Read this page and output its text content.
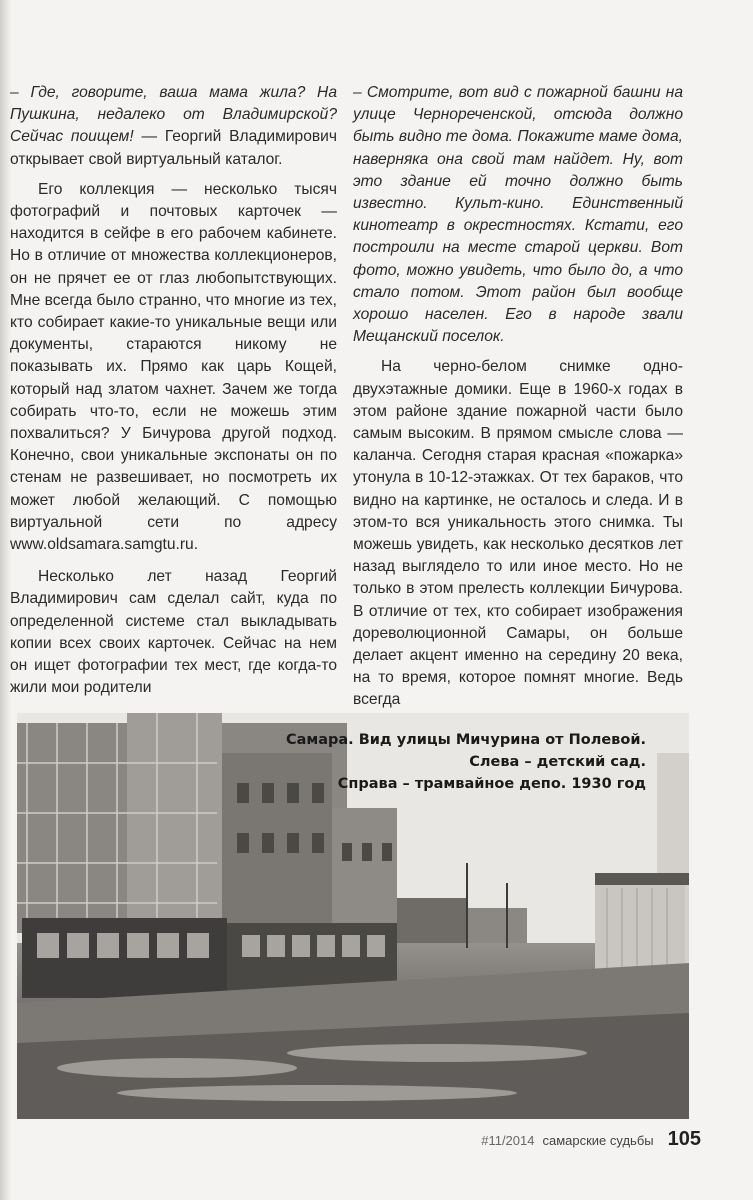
– Где, говорите, ваша мама жила? На Пушкина, недалеко от Владимирской? Сейчас поищем! — Георгий Владимирович открывает свой виртуальный каталог.

Его коллекция — несколько тысяч фотографий и почтовых карточек — находится в сейфе в его рабочем кабинете. Но в отличие от множества коллекционеров, он не прячет ее от глаз любопытствующих. Мне всегда было странно, что многие из тех, кто собирает какие-то уникальные вещи или документы, стараются никому не показывать их. Прямо как царь Кощей, который над златом чахнет. Зачем же тогда собирать что-то, если не можешь этим похвалиться? У Бичурова другой подход. Конечно, свои уникальные экспонаты он по стенам не развешивает, но посмотреть их может любой желающий. С помощью виртуальной сети по адресу www.oldsamara.samgtu.ru.

Несколько лет назад Георгий Владимирович сам сделал сайт, куда по определенной системе стал выкладывать копии всех своих карточек. Сейчас на нем он ищет фотографии тех мест, где когда-то жили мои родители

– Смотрите, вот вид с пожарной башни на улице Чернореченской, отсюда должно быть видно те дома. Покажите маме дома, наверняка она свой там найдет. Ну, вот это здание ей точно должно быть известно. Культ-кино. Единственный кинотеатр в окрестностях. Кстати, его построили на месте старой церкви. Вот фото, можно увидеть, что было до, а что стало потом. Этот район был вообще хорошо населен. Его в народе звали Мещанский поселок.

На черно-белом снимке одно-двухэтажные домики. Еще в 1960-х годах в этом районе здание пожарной части было самым высоким. В прямом смысле слова — каланча. Сегодня старая красная «пожарка» утонула в 10-12-этажках. От тех бараков, что видно на картинке, не осталось и следа. И в этом-то вся уникальность этого снимка. Ты можешь увидеть, как несколько десятков лет назад выглядело то или иное место. Но не только в этом прелесть коллекции Бичурова. В отличие от тех, кто собирает изображения дореволюционной Самары, он больше делает акцент именно на середину 20 века, на то время, которое помнят многие. Ведь всегда

Самара. Вид улицы Мичурина от Полевой.
Слева – детский сад.
Справа – трамвайное депо. 1930 год
#11/2014 самарские судьбы 105
